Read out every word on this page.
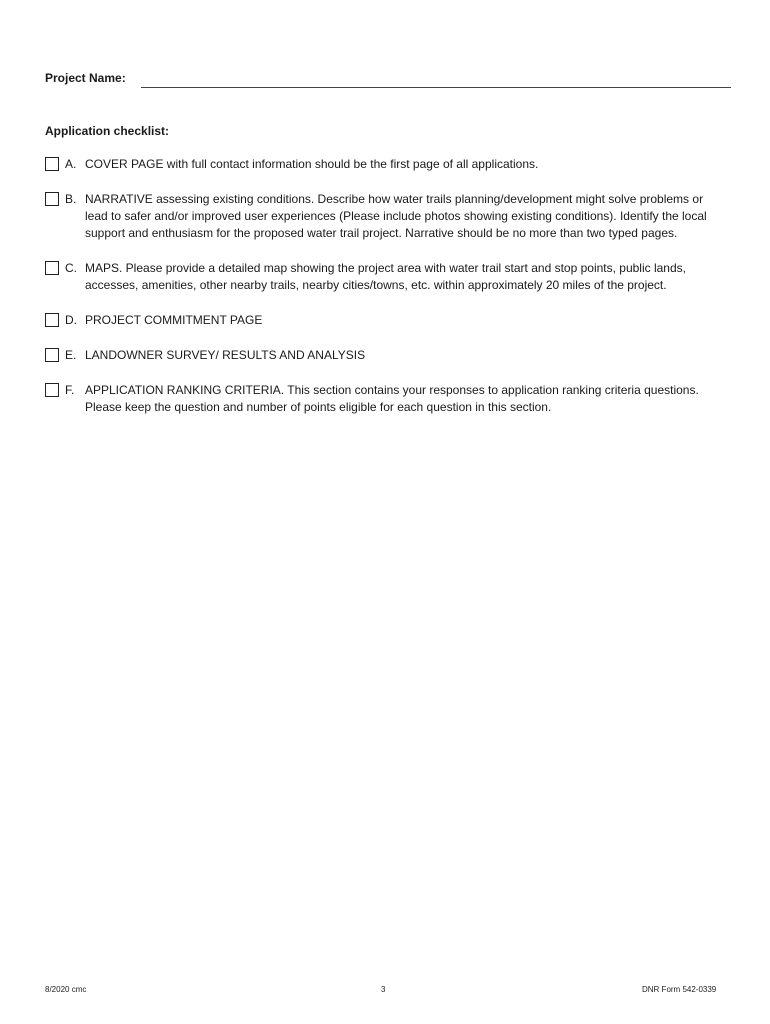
Project Name:
Application checklist:
A. COVER PAGE with full contact information should be the first page of all applications.
B. NARRATIVE assessing existing conditions. Describe how water trails planning/development might solve problems or lead to safer and/or improved user experiences (Please include photos showing existing conditions). Identify the local support and enthusiasm for the proposed water trail project. Narrative should be no more than two typed pages.
C. MAPS. Please provide a detailed map showing the project area with water trail start and stop points, public lands, accesses, amenities, other nearby trails, nearby cities/towns, etc. within approximately 20 miles of the project.
D. PROJECT COMMITMENT PAGE
E. LANDOWNER SURVEY/ RESULTS AND ANALYSIS
F. APPLICATION RANKING CRITERIA. This section contains your responses to application ranking criteria questions. Please keep the question and number of points eligible for each question in this section.
8/2020 cmc	3	DNR Form 542-0339
